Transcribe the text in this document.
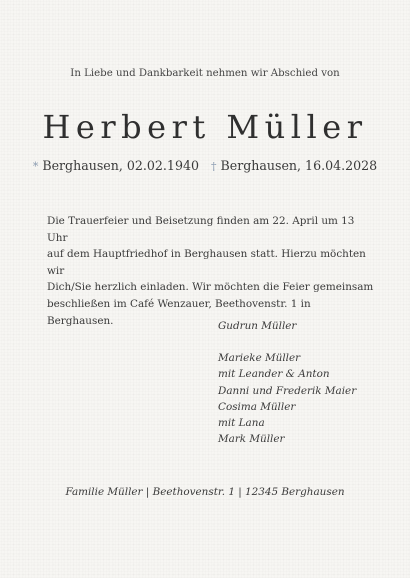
In Liebe und Dankbarkeit nehmen wir Abschied von
Herbert Müller
* Berghausen, 02.02.1940 † Berghausen, 16.04.2028

Die Trauerfeier und Beisetzung finden am 22. April um 13 Uhr

auf dem Hauptfriedhof in Berghausen statt. Hierzu möchten wir

Dich/Sie herzlich einladen. Wir möchten die Feier gemeinsam

beschließen im Café Wenzauer, Beethovenstr. 1 in Berghausen.	Gudrun Müller
Marieke Müller
mit Leander & Anton
Danni und Frederik Maier
Cosima Müller
mit Lana
Mark Müller
Familie Müller | Beethovenstr. 1 | 12345 Berghausen
